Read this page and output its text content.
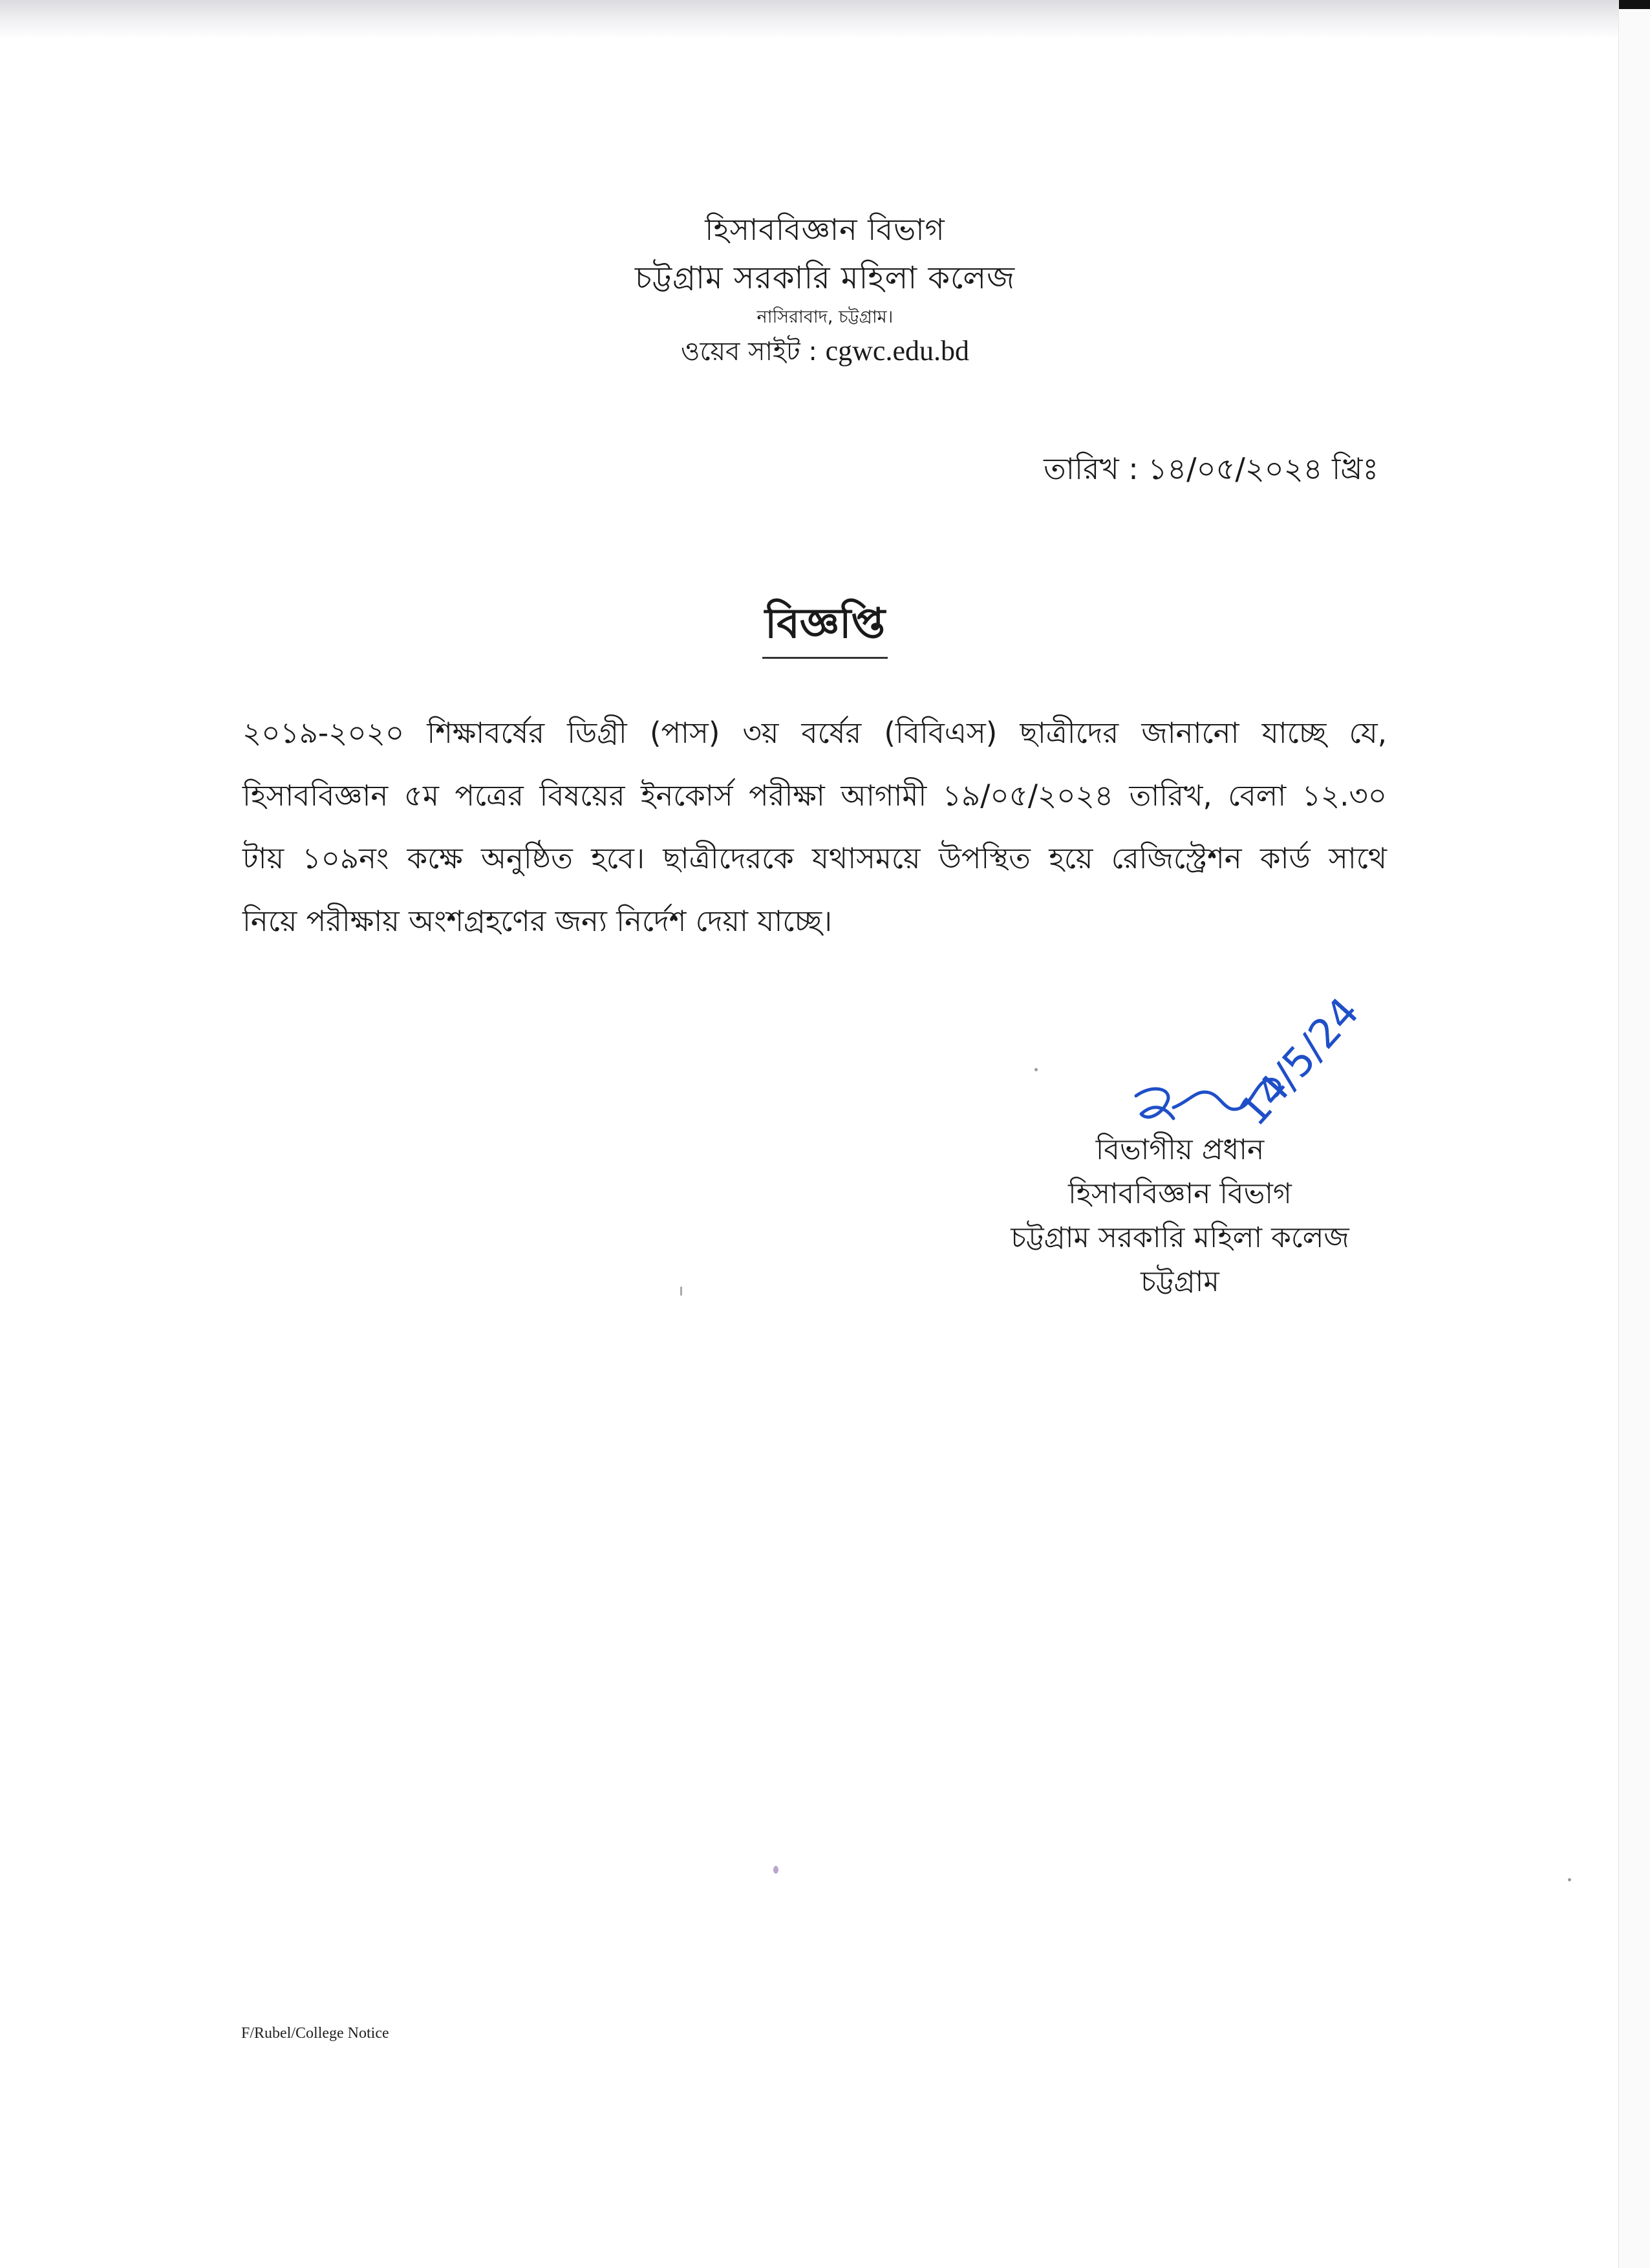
হিসাববিজ্ঞান বিভাগ
চট্টগ্রাম সরকারি মহিলা কলেজ
নাসিরাবাদ, চট্টগ্রাম।
ওয়েব সাইট : cgwc.edu.bd
তারিখ : ১৪/০৫/২০২৪ খ্রিঃ
বিজ্ঞপ্তি
২০১৯-২০২০ শিক্ষাবর্ষের ডিগ্রী (পাস) ৩য় বর্ষের (বিবিএস) ছাত্রীদের জানানো যাচ্ছে যে,
হিসাববিজ্ঞান ৫ম পত্রের বিষয়ের ইনকোর্স পরীক্ষা আগামী ১৯/০৫/২০২৪ তারিখ, বেলা ১২.৩০
টায় ১০৯নং কক্ষে অনুষ্ঠিত হবে। ছাত্রীদেরকে যথাসময়ে উপস্থিত হয়ে রেজিস্ট্রেশন কার্ড সাথে
নিয়ে পরীক্ষায় অংশগ্রহণের জন্য নির্দেশ দেয়া যাচ্ছে।
14/5/24
বিভাগীয় প্রধান
হিসাববিজ্ঞান বিভাগ
চট্টগ্রাম সরকারি মহিলা কলেজ
চট্টগ্রাম
F/Rubel/College Notice
